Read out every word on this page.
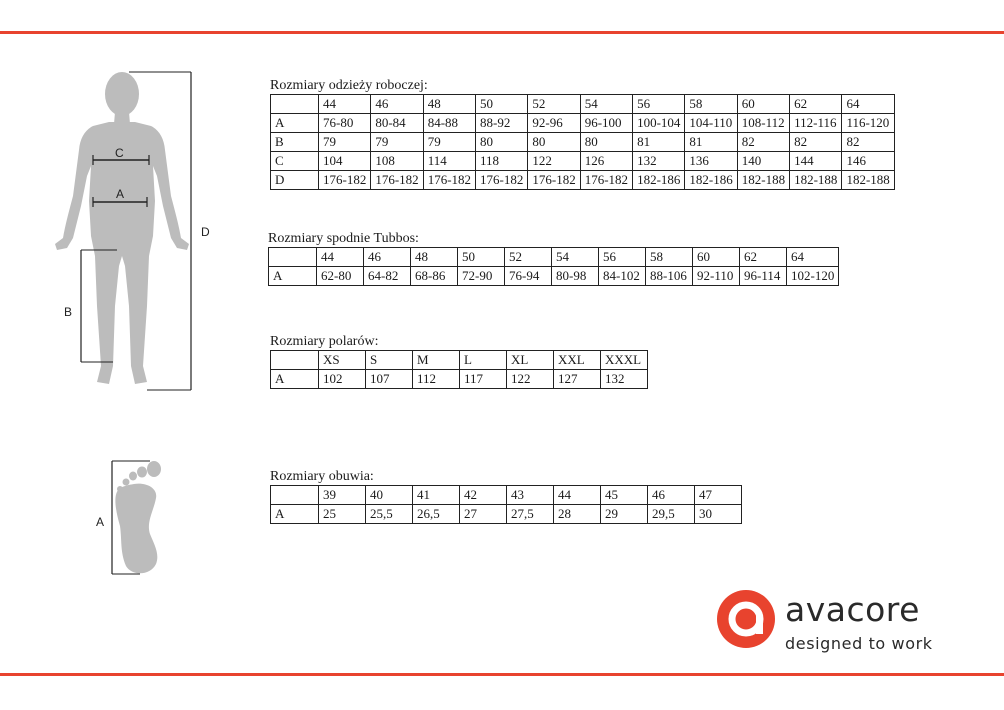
C
A
B
D
A
Rozmiary odzieży roboczej:
	44	46	48	50	52	54	56	58	60	62	64
A	76-80	80-84	84-88	88-92	92-96	96-100	100-104	104-110	108-112	112-116	116-120
B	79	79	79	80	80	80	81	81	82	82	82
C	104	108	114	118	122	126	132	136	140	144	146
D	176-182	176-182	176-182	176-182	176-182	176-182	182-186	182-186	182-188	182-188	182-188
Rozmiary spodnie Tubbos:
	44	46	48	50	52	54	56	58	60	62	64
A	62-80	64-82	68-86	72-90	76-94	80-98	84-102	88-106	92-110	96-114	102-120
Rozmiary polarów:
	XS	S	M	L	XL	XXL	XXXL
A	102	107	112	117	122	127	132
Rozmiary obuwia:
	39	40	41	42	43	44	45	46	47
A	25	25,5	26,5	27	27,5	28	29	29,5	30
avacore
designed to work
